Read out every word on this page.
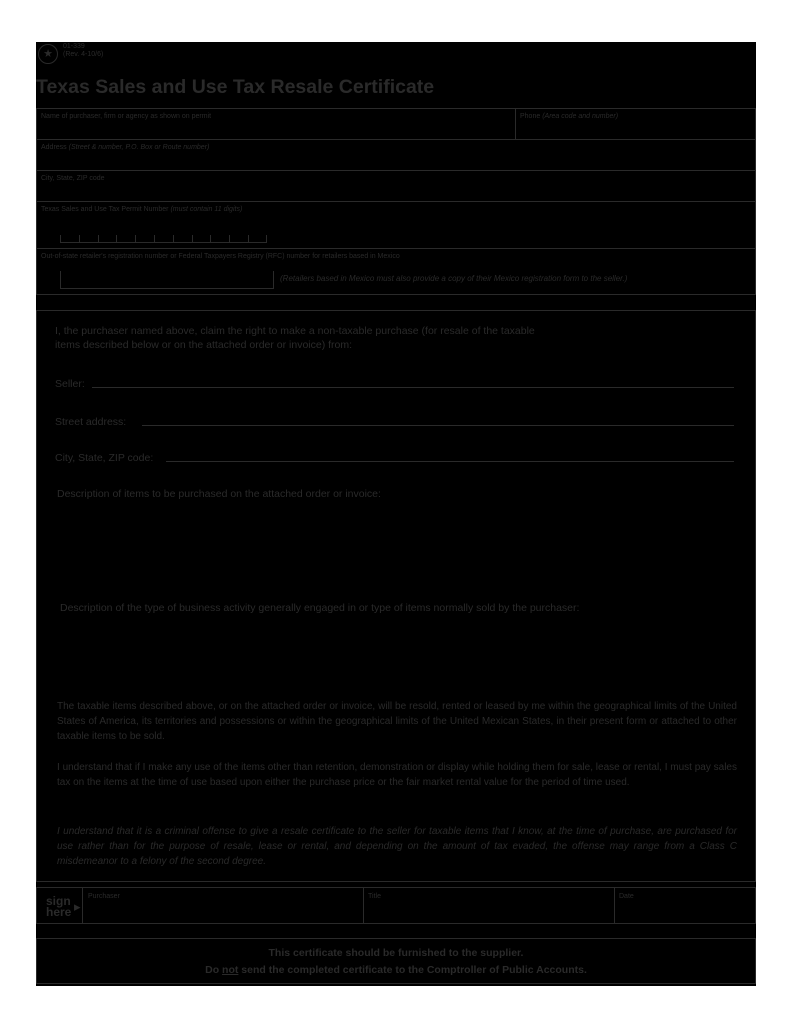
★
01-339
(Rev. 4-10/6)
Texas Sales and Use Tax Resale Certificate
Name of purchaser, firm or agency as shown on permit	Phone (Area code and number)
Address (Street & number, P.O. Box or Route number)
City, State, ZIP code
Texas Sales and Use Tax Permit Number (must contain 11 digits)
Out-of-state retailer's registration number or Federal Taxpayers Registry (RFC) number for retailers based in Mexico
(Retailers based in Mexico must also provide a copy of their Mexico registration form to the seller.)
I, the purchaser named above, claim the right to make a non-taxable purchase (for resale of the taxable
items described below or on the attached order or invoice) from:
Seller:
Street address:
City, State, ZIP code:
Description of items to be purchased on the attached order or invoice:
Description of the type of business activity generally engaged in or type of items normally sold by the purchaser:
The taxable items described above, or on the attached order or invoice, will be resold, rented or leased by me within the geographical limits of the United States of America, its territories and possessions or within the geographical limits of the United Mexican States, in their present form or attached to other taxable items to be sold.
I understand that if I make any use of the items other than retention, demonstration or display while holding them for sale, lease or rental, I must pay sales tax on the items at the time of use based upon either the purchase price or the fair market rental value for the period of time used.
I understand that it is a criminal offense to give a resale certificate to the seller for taxable items that I know, at the time of purchase, are purchased for use rather than for the purpose of resale, lease or rental, and depending on the amount of tax evaded, the offense may range from a Class C misdemeanor to a felony of the second degree.
sign
here ▸
Purchaser	Title	Date
This certificate should be furnished to the supplier.
Do not send the completed certificate to the Comptroller of Public Accounts.
